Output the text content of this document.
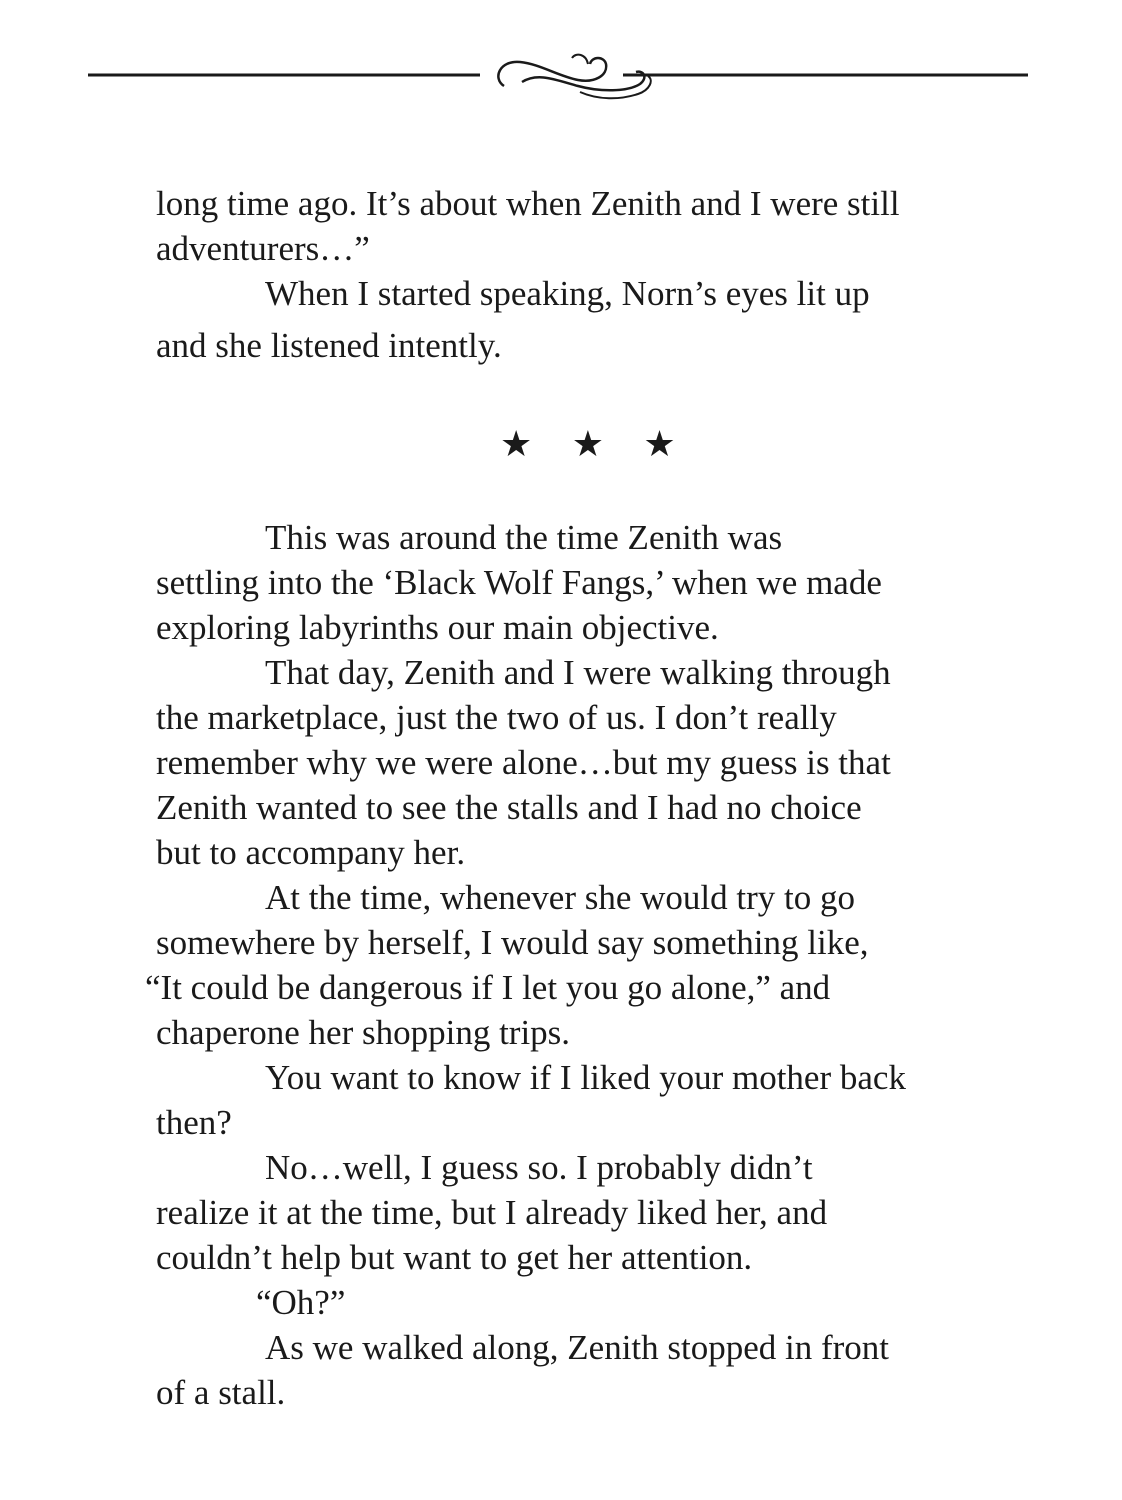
long time ago. It’s about when Zenith and I were still
adventurers…”
When I started speaking, Norn’s eyes lit up
and she listened intently.
★ ★ ★
This was around the time Zenith was
settling into the ‘Black Wolf Fangs,’ when we made
exploring labyrinths our main objective.
That day, Zenith and I were walking through
the marketplace, just the two of us. I don’t really
remember why we were alone…but my guess is that
Zenith wanted to see the stalls and I had no choice
but to accompany her.
At the time, whenever she would try to go
somewhere by herself, I would say something like,
“It could be dangerous if I let you go alone,” and
chaperone her shopping trips.
You want to know if I liked your mother back
then?
No…well, I guess so. I probably didn’t
realize it at the time, but I already liked her, and
couldn’t help but want to get her attention.
“Oh?”
As we walked along, Zenith stopped in front
of a stall.
